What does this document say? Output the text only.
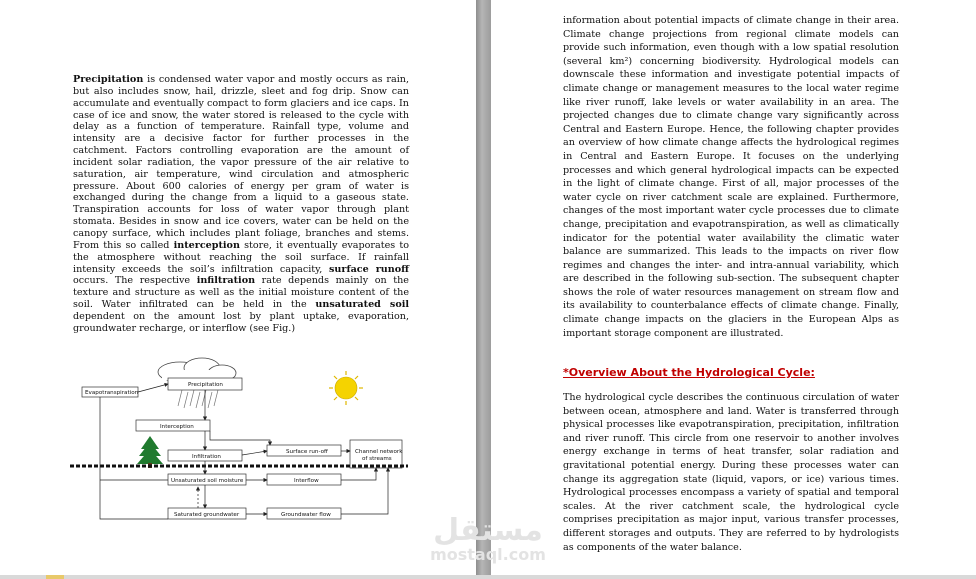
Precipitation is condensed water vapor and mostly occurs as rain, but also includes snow, hail, drizzle, sleet and fog drip. Snow can accumulate and eventually compact to form glaciers and ice caps. In case of ice and snow, the water stored is released to the cycle with delay as a function of temperature. Rainfall type, volume and intensity are a decisive factor for further processes in the catchment. Factors controlling evaporation are the amount of incident solar radiation, the vapor pressure of the air relative to saturation, air temperature, wind circulation and atmospheric pressure. About 600 calories of energy per gram of water is exchanged during the change from a liquid to a gaseous state. Transpiration accounts for loss of water vapor through plant stomata. Besides in snow and ice covers, water can be held on the canopy surface, which includes plant foliage, branches and stems. From this so called interception store, it eventually evaporates to the atmosphere without reaching the soil surface. If rainfall intensity exceeds the soil’s infiltration capacity, surface runoff occurs. The respective infiltration rate depends mainly on the texture and structure as well as the initial moisture content of the soil. Water infiltrated can be held in the unsaturated soil dependent on the amount lost by plant uptake, evaporation, groundwater recharge, or interflow (see Fig.)
Evapotranspiration
Precipitation
Interception
Infiltration
Surface run-off	Channel network
of streams
Unsaturated soil moisture	Interflow
Saturated groundwater	Groundwater flow
information about potential impacts of climate change in their area. Climate change projections from regional climate models can provide such information, even though with a low spatial resolution (several km²) concerning biodiversity. Hydrological models can downscale these information and investigate potential impacts of climate change or management measures to the local water regime like river runoff, lake levels or water availability in an area. The projected changes due to climate change vary significantly across Central and Eastern Europe. Hence, the following chapter provides an overview of how climate change affects the hydrological regimes in Central and Eastern Europe. It focuses on the underlying processes and which general hydrological impacts can be expected in the light of climate change. First of all, major processes of the water cycle on river catchment scale are explained. Furthermore, changes of the most important water cycle processes due to climate change, precipitation and evapotranspiration, as well as climatically indicator for the potential water availability the climatic water balance are summarized. This leads to the impacts on river flow regimes and changes the inter- and intra-annual variability, which are described in the following sub-section. The subsequent chapter shows the role of water resources management on stream flow and its availability to counterbalance effects of climate change. Finally, climate change impacts on the glaciers in the European Alps as important storage component are illustrated.
*Overview About the Hydrological Cycle:
The hydrological cycle describes the continuous circulation of water between ocean, atmosphere and land. Water is transferred through physical processes like evapotranspiration, precipitation, infiltration and river runoff. This circle from one reservoir to another involves energy exchange in terms of heat transfer, solar radiation and gravitational potential energy. During these processes water can change its aggregation state (liquid, vapors, or ice) various times. Hydrological processes encompass a variety of spatial and temporal scales. At the river catchment scale, the hydrological cycle comprises precipitation as major input, various transfer processes, different storages and outputs. They are referred to by hydrologists as components of the water balance.
مستقل
mostaql.com
